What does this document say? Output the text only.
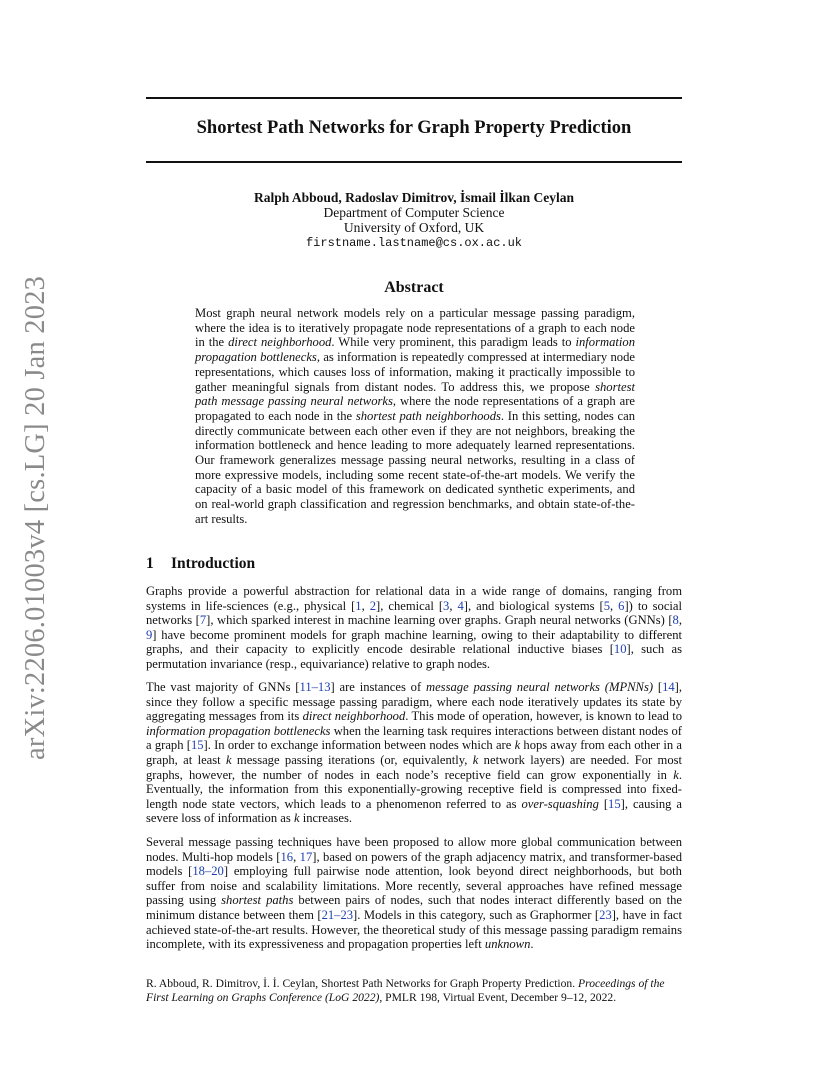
arXiv:2206.01003v4 [cs.LG] 20 Jan 2023
Shortest Path Networks for Graph Property Prediction
Ralph Abboud, Radoslav Dimitrov, İsmail İlkan Ceylan
Department of Computer Science
University of Oxford, UK
firstname.lastname@cs.ox.ac.uk
Abstract
Most graph neural network models rely on a particular message passing paradigm, where the idea is to iteratively propagate node representations of a graph to each node in the direct neighborhood. While very prominent, this paradigm leads to information propagation bottlenecks, as information is repeatedly compressed at intermediary node representations, which causes loss of information, making it practically impossible to gather meaningful signals from distant nodes. To address this, we propose shortest path message passing neural networks, where the node representations of a graph are propagated to each node in the shortest path neighborhoods. In this setting, nodes can directly communicate between each other even if they are not neighbors, breaking the information bottleneck and hence leading to more adequately learned representations. Our framework generalizes message passing neural networks, resulting in a class of more expressive models, including some recent state-of-the-art models. We verify the capacity of a basic model of this framework on dedicated synthetic experiments, and on real-world graph classification and regression benchmarks, and obtain state-of-the-art results.
1 Introduction
Graphs provide a powerful abstraction for relational data in a wide range of domains, ranging from systems in life-sciences (e.g., physical [1, 2], chemical [3, 4], and biological systems [5, 6]) to social networks [7], which sparked interest in machine learning over graphs. Graph neural networks (GNNs) [8, 9] have become prominent models for graph machine learning, owing to their adaptability to different graphs, and their capacity to explicitly encode desirable relational inductive biases [10], such as permutation invariance (resp., equivariance) relative to graph nodes.
The vast majority of GNNs [11–13] are instances of message passing neural networks (MPNNs) [14], since they follow a specific message passing paradigm, where each node iteratively updates its state by aggregating messages from its direct neighborhood. This mode of operation, however, is known to lead to information propagation bottlenecks when the learning task requires interactions between distant nodes of a graph [15]. In order to exchange information between nodes which are k hops away from each other in a graph, at least k message passing iterations (or, equivalently, k network layers) are needed. For most graphs, however, the number of nodes in each node’s receptive field can grow exponentially in k. Eventually, the information from this exponentially-growing receptive field is compressed into fixed-length node state vectors, which leads to a phenomenon referred to as over-squashing [15], causing a severe loss of information as k increases.
Several message passing techniques have been proposed to allow more global communication between nodes. Multi-hop models [16, 17], based on powers of the graph adjacency matrix, and transformer-based models [18–20] employing full pairwise node attention, look beyond direct neighborhoods, but both suffer from noise and scalability limitations. More recently, several approaches have refined message passing using shortest paths between pairs of nodes, such that nodes interact differently based on the minimum distance between them [21–23]. Models in this category, such as Graphormer [23], have in fact achieved state-of-the-art results. However, the theoretical study of this message passing paradigm remains incomplete, with its expressiveness and propagation properties left unknown.
R. Abboud, R. Dimitrov, İ. İ. Ceylan, Shortest Path Networks for Graph Property Prediction. Proceedings of the First Learning on Graphs Conference (LoG 2022), PMLR 198, Virtual Event, December 9–12, 2022.
